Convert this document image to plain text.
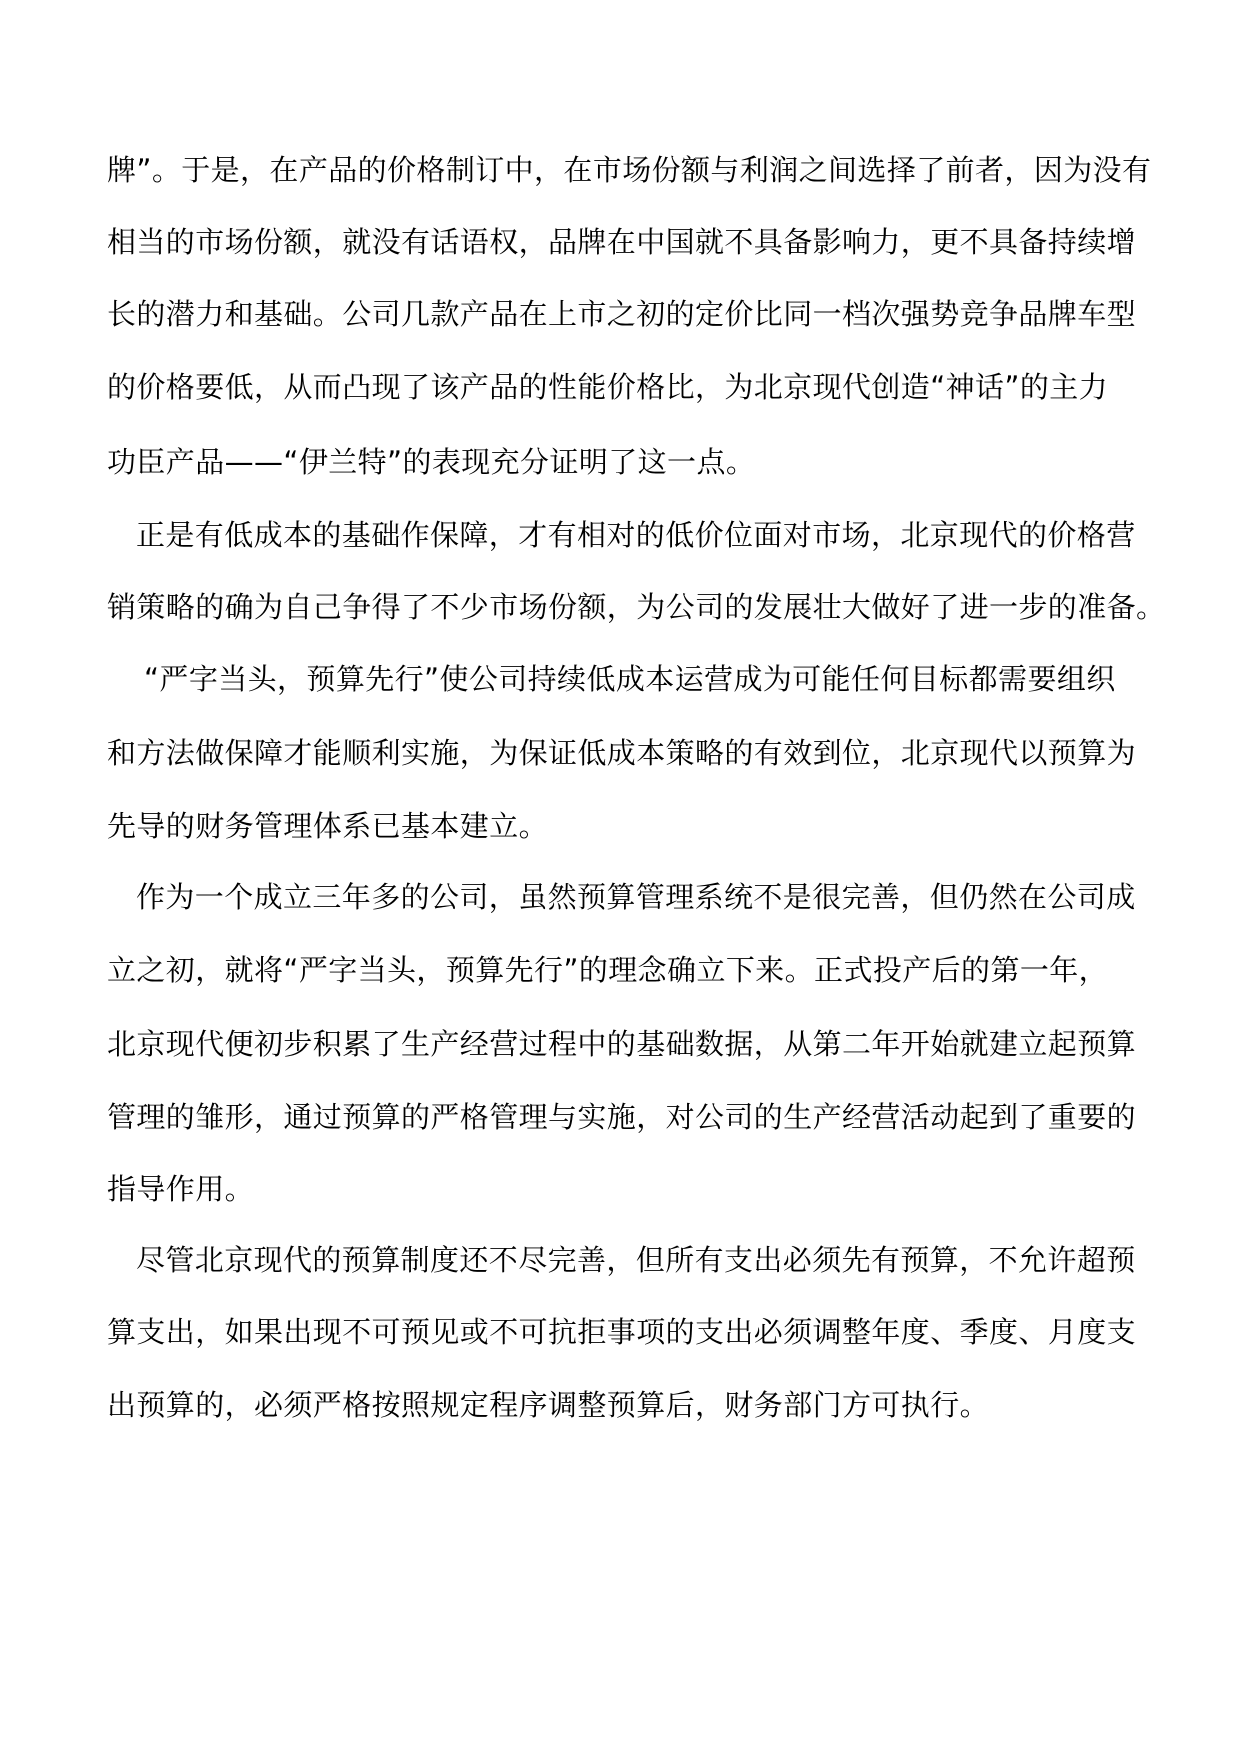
牌”。于是，在产品的价格制订中，在市场份额与利润之间选择了前者，因为没有
相当的市场份额，就没有话语权，品牌在中国就不具备影响力，更不具备持续增
长的潜力和基础。公司几款产品在上市之初的定价比同一档次强势竞争品牌车型
的价格要低，从而凸现了该产品的性能价格比，为北京现代创造“神话”的主力
功臣产品——“伊兰特”的表现充分证明了这一点。
正是有低成本的基础作保障，才有相对的低价位面对市场，北京现代的价格营
销策略的确为自己争得了不少市场份额，为公司的发展壮大做好了进一步的准备。
“严字当头，预算先行”使公司持续低成本运营成为可能任何目标都需要组织
和方法做保障才能顺利实施，为保证低成本策略的有效到位，北京现代以预算为
先导的财务管理体系已基本建立。
作为一个成立三年多的公司，虽然预算管理系统不是很完善，但仍然在公司成
立之初，就将“严字当头，预算先行”的理念确立下来。正式投产后的第一年，
北京现代便初步积累了生产经营过程中的基础数据，从第二年开始就建立起预算
管理的雏形，通过预算的严格管理与实施，对公司的生产经营活动起到了重要的
指导作用。
尽管北京现代的预算制度还不尽完善，但所有支出必须先有预算，不允许超预
算支出，如果出现不可预见或不可抗拒事项的支出必须调整年度、季度、月度支
出预算的，必须严格按照规定程序调整预算后，财务部门方可执行。
